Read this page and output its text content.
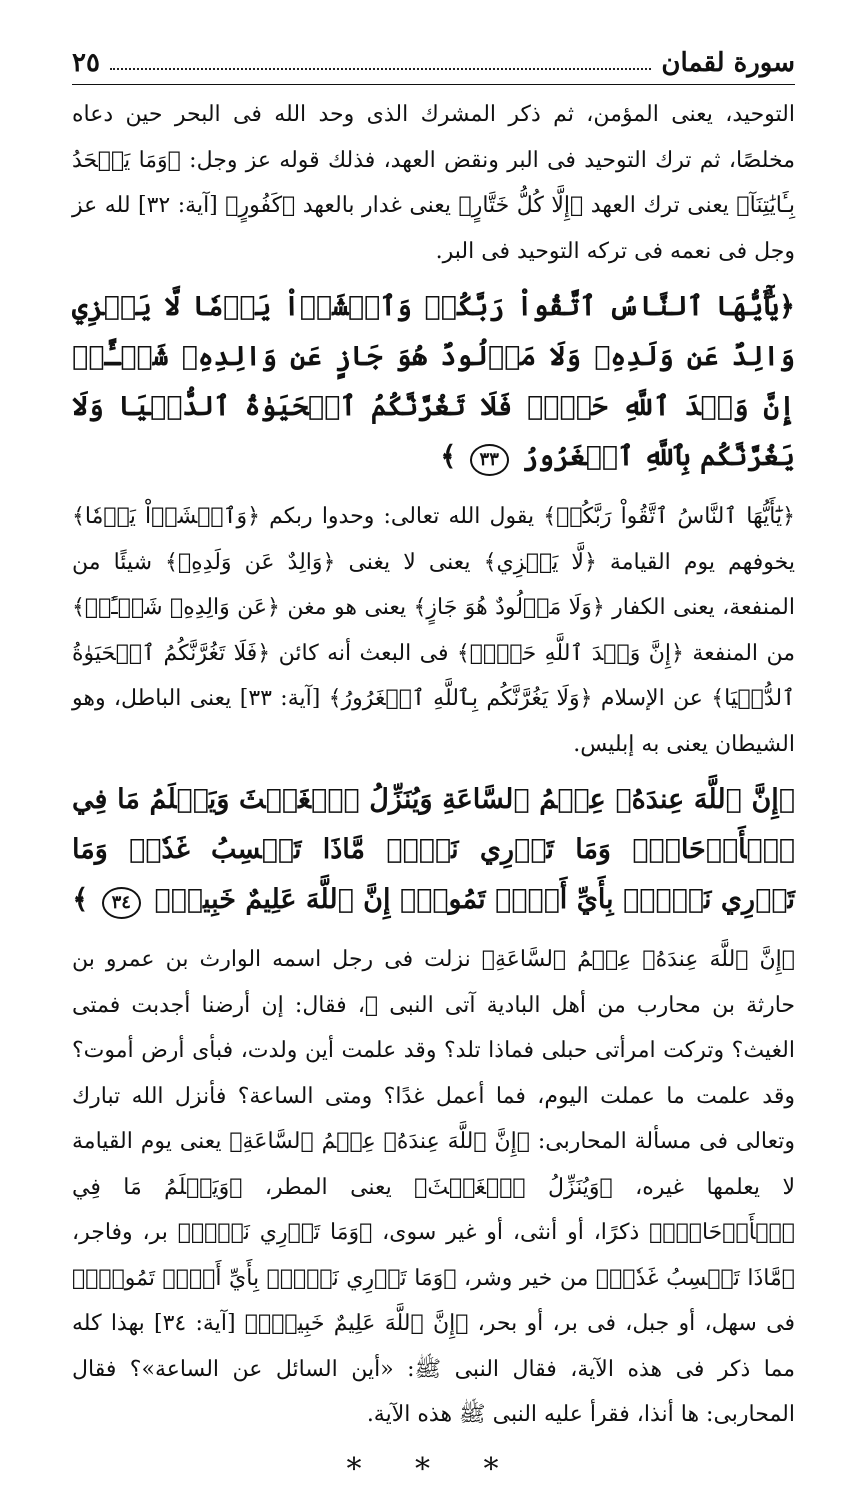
٢٥	سورة لقمان

التوحيد، يعنى المؤمن، ثم ذكر المشرك الذى وحد الله فى البحر حين دعاه مخلصًا، ثم ترك التوحيد فى البر ونقض العهد، فذلك قوله عز وجل: ﴿وَمَا يَجۡحَدُ بِـَٔايَٰتِنَآ﴾ يعنى ترك العهد ﴿إِلَّا كُلُّ خَتَّارٍ﴾ يعنى غدار بالعهد ﴿كَفُورٍ﴾ [آية: ٣٢] لله عز وجل فى نعمه فى تركه التوحيد فى البر.

﴿يَٰٓأَيُّهَا ٱلنَّاسُ ٱتَّقُواْ رَبَّكُمۡ وَٱخۡشَوۡاْ يَوۡمٗا لَّا يَجۡزِي وَالِدٌ عَن وَلَدِهِۦ وَلَا مَوۡلُودٌ هُوَ جَازٍ عَن وَالِدِهِۦ شَيۡـًٔاۚ إِنَّ وَعۡدَ ٱللَّهِ حَقّٞۖ فَلَا تَغُرَّنَّكُمُ ٱلۡحَيَوٰةُ ٱلدُّنۡيَا وَلَا يَغُرَّنَّكُم بِٱللَّهِ ٱلۡغَرُورُ ٣٣ ﴾

﴿يَٰٓأَيُّهَا ٱلنَّاسُ ٱتَّقُواْ رَبَّكُمۡ﴾ يقول الله تعالى: وحدوا ربكم ﴿وَٱخۡشَوۡاْ يَوۡمٗا﴾ يخوفهم يوم القيامة ﴿لَّا يَجۡزِي﴾ يعنى لا يغنى ﴿وَالِدٌ عَن وَلَدِهِۦ﴾ شيئًا من المنفعة، يعنى الكفار ﴿وَلَا مَوۡلُودٌ هُوَ جَازٍ﴾ يعنى هو مغن ﴿عَن وَالِدِهِۦ شَيۡـًٔاۚ﴾ من المنفعة ﴿إِنَّ وَعۡدَ ٱللَّهِ حَقّٞۖ﴾ فى البعث أنه كائن ﴿فَلَا تَغُرَّنَّكُمُ ٱلۡحَيَوٰةُ ٱلدُّنۡيَا﴾ عن الإسلام ﴿وَلَا يَغُرَّنَّكُم بِٱللَّهِ ٱلۡغَرُورُ﴾ [آية: ٣٣] يعنى الباطل، وهو الشيطان يعنى به إبليس.

﴿إِنَّ ٱللَّهَ عِندَهُۥ عِلۡمُ ٱلسَّاعَةِ وَيُنَزِّلُ ٱلۡغَيۡثَ وَيَعۡلَمُ مَا فِي ٱلۡأَرۡحَامِۖ وَمَا تَدۡرِي نَفۡسٞ مَّاذَا تَكۡسِبُ غَدٗاۖ وَمَا تَدۡرِي نَفۡسُۢ بِأَيِّ أَرۡضٖ تَمُوتُۚ إِنَّ ٱللَّهَ عَلِيمٌ خَبِيرُۢ ٣٤ ﴾

﴿إِنَّ ٱللَّهَ عِندَهُۥ عِلۡمُ ٱلسَّاعَةِ﴾ نزلت فى رجل اسمه الوارث بن عمرو بن حارثة بن محارب من أهل البادية آتى النبى ﷺ، فقال: إن أرضنا أجدبت فمتى الغيث؟ وتركت امرأتى حبلى فماذا تلد؟ وقد علمت أين ولدت، فبأى أرض أموت؟ وقد علمت ما عملت اليوم، فما أعمل غدًا؟ ومتى الساعة؟ فأنزل الله تبارك وتعالى فى مسألة المحاربى: ﴿إِنَّ ٱللَّهَ عِندَهُۥ عِلۡمُ ٱلسَّاعَةِ﴾ يعنى يوم القيامة لا يعلمها غيره، ﴿وَيُنَزِّلُ ٱلۡغَيۡثَ﴾ يعنى المطر، ﴿وَيَعۡلَمُ مَا فِي ٱلۡأَرۡحَامِۖ﴾ ذكرًا، أو أنثى، أو غير سوى، ﴿وَمَا تَدۡرِي نَفۡسٞ﴾ بر، وفاجر، ﴿مَّاذَا تَكۡسِبُ غَدٗاۖ﴾ من خير وشر، ﴿وَمَا تَدۡرِي نَفۡسُۢ بِأَيِّ أَرۡضٖ تَمُوتُۚ﴾ فى سهل، أو جبل، فى بر، أو بحر، ﴿إِنَّ ٱللَّهَ عَلِيمٌ خَبِيرُۢ﴾ [آية: ٣٤] بهذا كله مما ذكر فى هذه الآية، فقال النبى ﷺ: «أين السائل عن الساعة»؟ فقال المحاربى: ها أنذا، فقرأ عليه النبى ﷺ هذه الآية.

* * *
